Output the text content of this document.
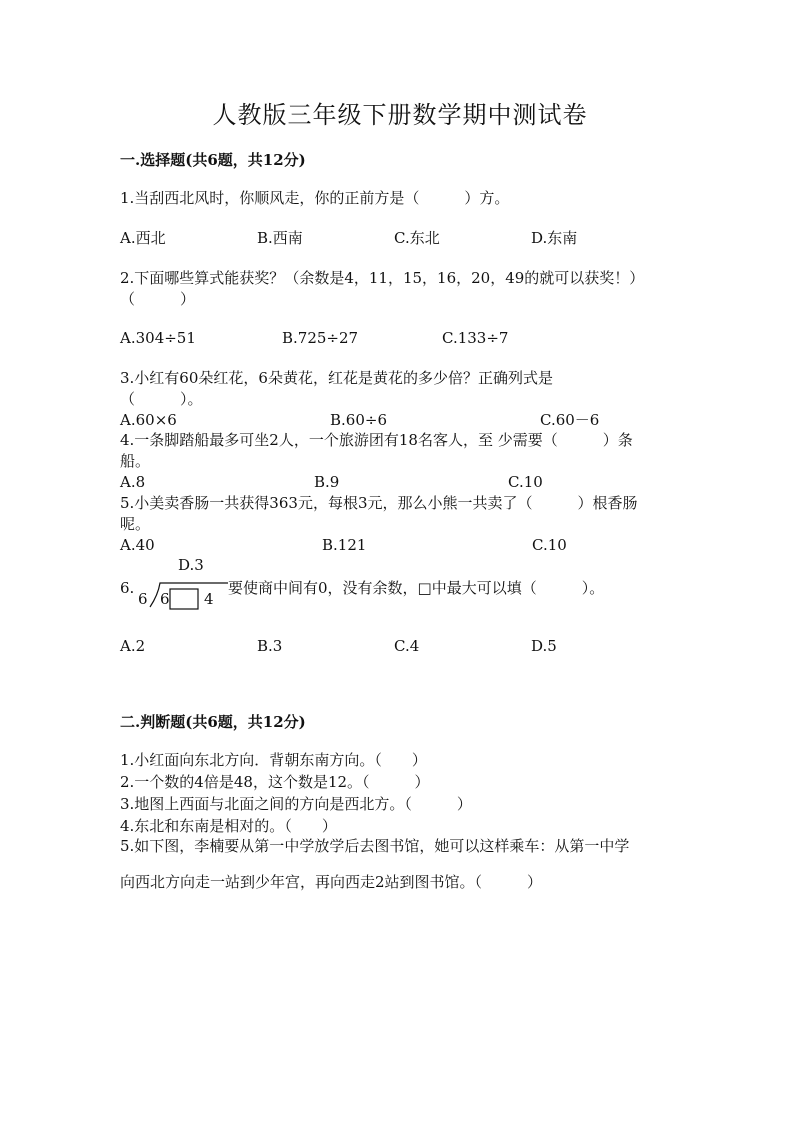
人教版三年级下册数学期中测试卷
一.选择题(共6题，共12分)
1.当刮西北风时，你顺风走，你的正前方是（　　　）方。
A.西北	B.西南	C.东北	D.东南
2.下面哪些算式能获奖？（余数是4，11，15，16，20，49的就可以获奖！）
（　　　）
A.304÷51	B.725÷27	C.133÷7
3.小红有60朵红花，6朵黄花，红花是黄花的多少倍？正确列式是
（　　　）。
A.60×6	B.60÷6	C.60－6
4.一条脚踏船最多可坐2人，一个旅游团有18名客人，至 少需要（　　　）条
船。
A.8	B.9	C.10
5.小美卖香肠一共获得363元，每根3元，那么小熊一共卖了（　　　）根香肠
呢。
A.40	B.121	C.10
6.
D.3
6 6 4
要使商中间有0，没有余数，□中最大可以填（　　　）。
A.2	B.3	C.4	D.5
二.判断题(共6题，共12分)
1.小红面向东北方向．背朝东南方向。（　　）
2.一个数的4倍是48，这个数是12。（　　　）
3.地图上西面与北面之间的方向是西北方。（　　　）
4.东北和东南是相对的。（　　）
5.如下图，李楠要从第一中学放学后去图书馆，她可以这样乘车：从第一中学
向西北方向走一站到少年宫，再向西走2站到图书馆。（　　　）
